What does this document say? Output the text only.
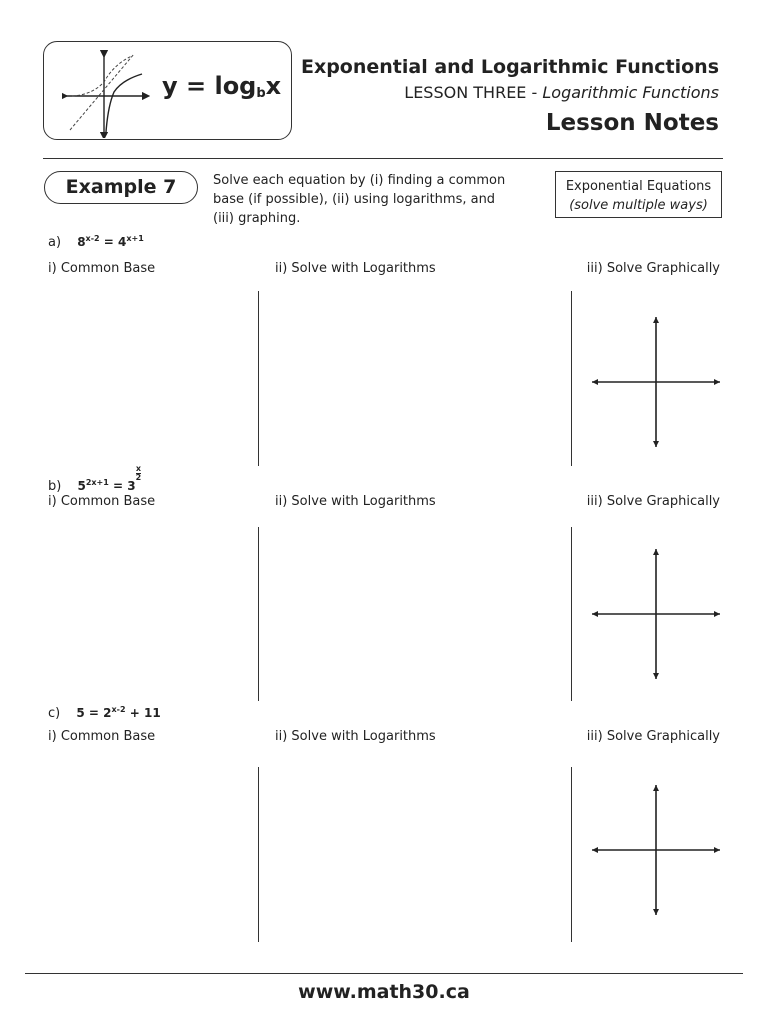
$y = \log_bx$
Exponential and Logarithmic Functions
LESSON THREE - Logarithmic Functions
Lesson Notes
Example 7	Solve each equation by (i) finding a common base (if possible), (ii) using logarithms, and (iii) graphing.
Exponential Equations
(solve multiple ways)
a) $8^{x-2} = 4^{x+1}$
i) Common Base	ii) Solve with Logarithms	iii) Solve Graphically
b) $5^{2x+1} = 3$
$\frac{x}{2}$
i) Common Base	ii) Solve with Logarithms	iii) Solve Graphically
c) $5 = 2^{x-2} + 11$
i) Common Base	ii) Solve with Logarithms	iii) Solve Graphically
www.math30.ca
